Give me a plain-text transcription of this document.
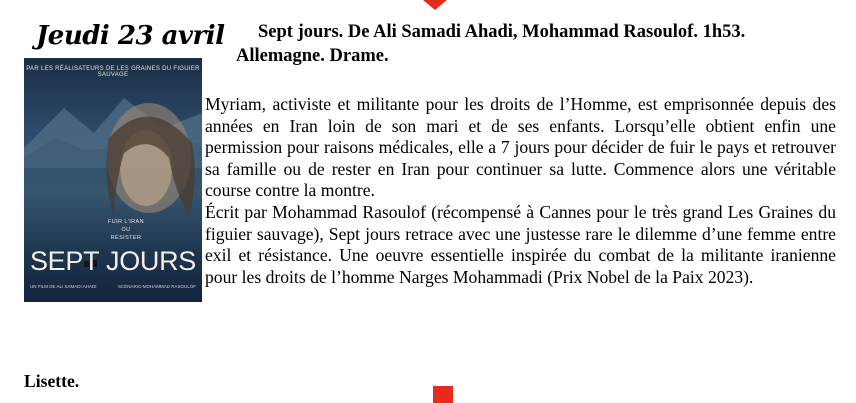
Jeudi 23 avril	Sept jours. De Ali Samadi Ahadi, Mohammad Rasoulof. 1h53. Allemagne. Drame.
PAR LES RÉALISATEURS DE LES GRAINES DU FIGUIER SAUVAGE
FUIR L'IRAN OU RÉSISTER
SEPT JOURS
UN FILM DE ALI SAMADI AHADI	SCÉNARIO MOHAMMAD RASOULOF

Myriam, activiste et militante pour les droits de l’Homme, est emprisonnée depuis des années en Iran loin de son mari et de ses enfants. Lorsqu’elle obtient enfin une permission pour raisons médicales, elle a 7 jours pour décider de fuir le pays et retrouver sa famille ou de rester en Iran pour continuer sa lutte. Commence alors une véritable course contre la montre.

Écrit par Mohammad Rasoulof (récompensé à Cannes pour le très grand Les Graines du figuier sauvage), Sept jours retrace avec une justesse rare le dilemme d’une femme entre exil et résistance. Une oeuvre essentielle inspirée du combat de la militante iranienne pour les droits de l’homme Narges Mohammadi (Prix Nobel de la Paix 2023).

Lisette.
